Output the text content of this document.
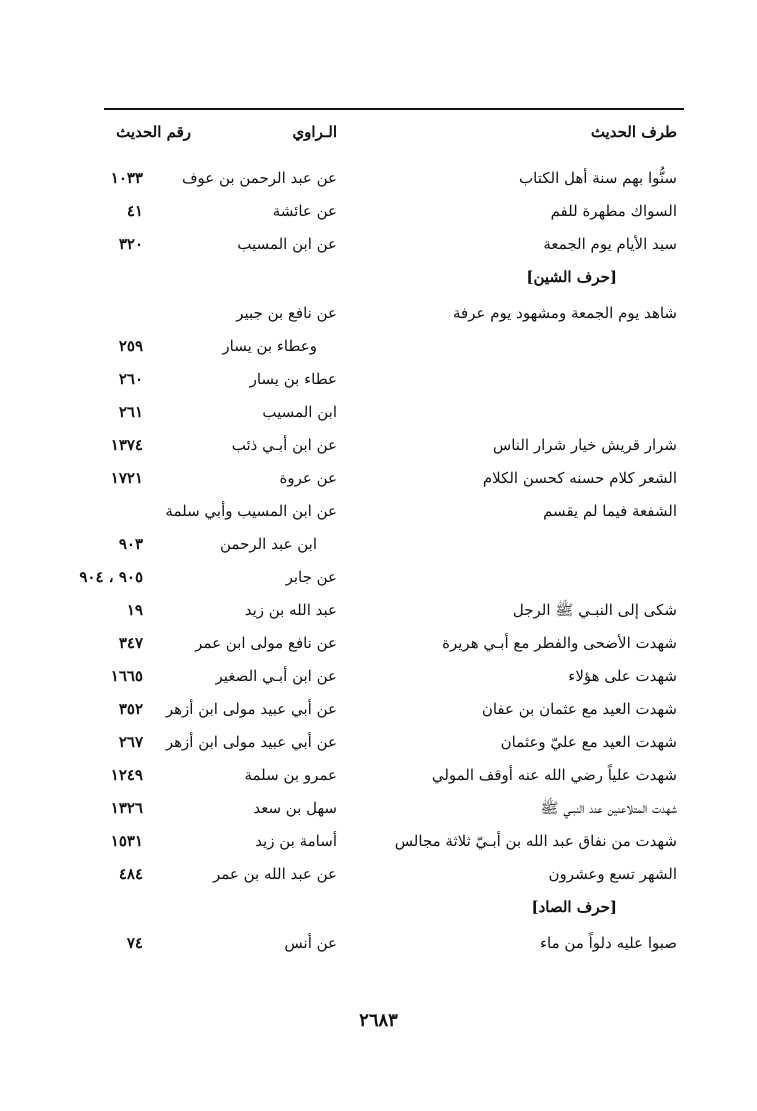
طرف الحديث
الـراوي
رقم الحديث
سنُّوا بهم سنة أهل الكتاب
عن عبد الرحمن بن عوف
١٠٣٣
السواك مطهرة للفم
عن عائشة
٤١
سيد الأيام يوم الجمعة
عن ابن المسيب
٣٢٠
[حرف الشين]
شاهد يوم الجمعة ومشهود يوم عرفة
عن نافع بن جبير
وعطاء بن يسار
٢٥٩
عطاء بن يسار
٢٦٠
ابن المسيب
٢٦١
شرار قريش خيار شرار الناس
عن ابن أبـي ذئب
١٣٧٤
الشعر كلام حسنه كحسن الكلام
عن عروة
١٧٢١
الشفعة فيما لم يقسم
عن ابن المسيب وأبي سلمة
ابن عبد الرحمن
٩٠٣
عن جابر
٩٠٥ ، ٩٠٤
شكى إلى النبـي ﷺ الرجل
عبد الله بن زيد
١٩
شهدت الأضحى والفطر مع أبـي هريرة
عن نافع مولى ابن عمر
٣٤٧
شهدت على هؤلاء
عن ابن أبـي الصغير
١٦٦٥
شهدت العيد مع عثمان بن عفان
عن أبي عبيد مولى ابن أزهر
٣٥٢
شهدت العيد مع عليّ وعثمان
عن أبي عبيد مولى ابن أزهر
٢٦٧
شهدت علياً رضي الله عنه أوقف المولي
عمرو بن سلمة
١٢٤٩
شهدت المتلاعنين عند النبـي ﷺ
سهل بن سعد
١٣٢٦
شهدت من نفاق عبد الله بن أبـيّ ثلاثة مجالس
أسامة بن زيد
١٥٣١
الشهر تسع وعشرون
عن عبد الله بن عمر
٤٨٤
[حرف الصاد]
صبوا عليه دلواً من ماء
عن أنس
٧٤
٢٦٨٣
